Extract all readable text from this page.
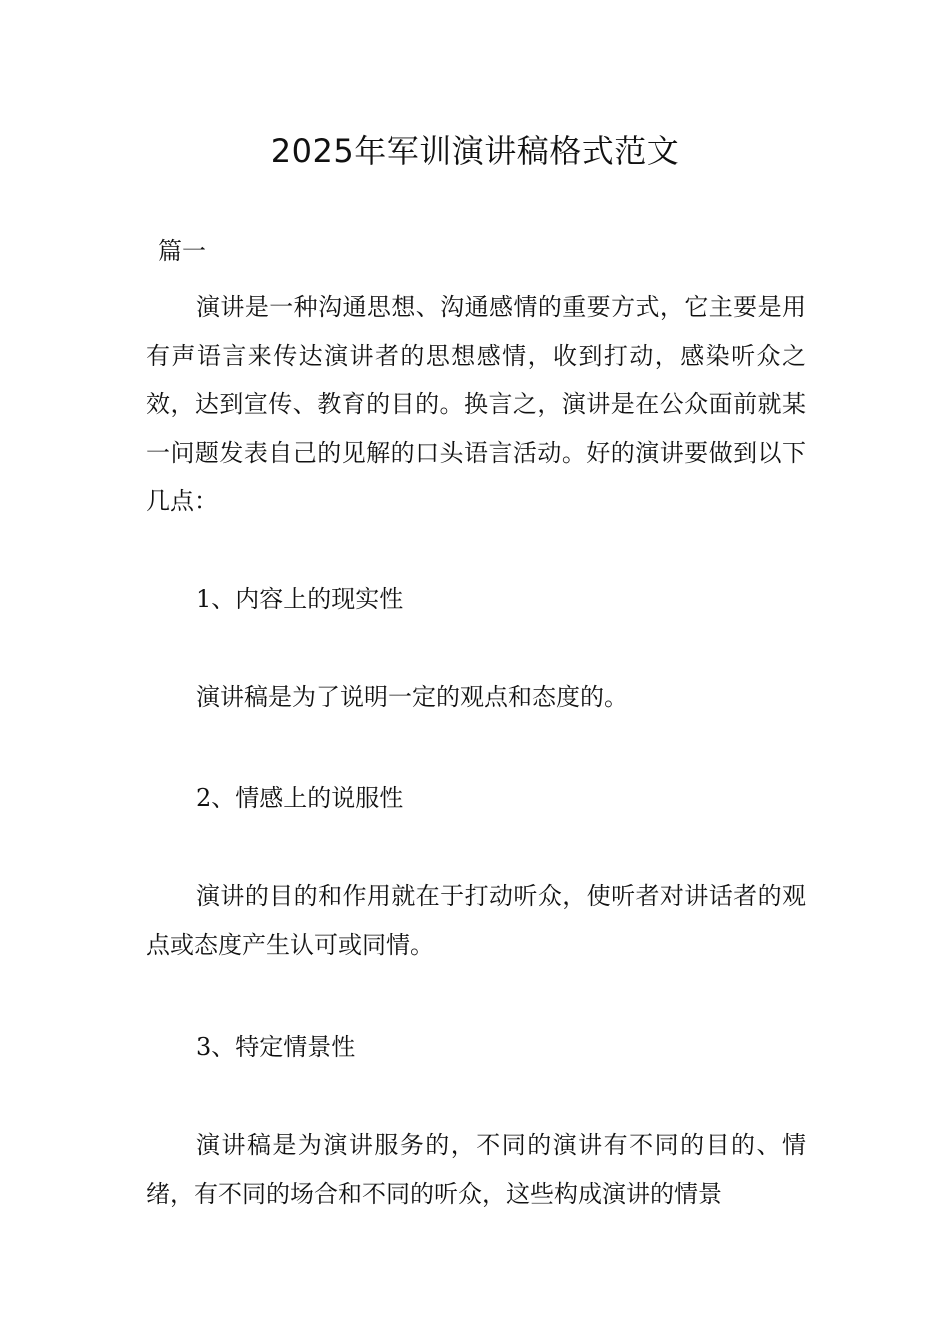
2025年军训演讲稿格式范文
篇一

演讲是一种沟通思想、沟通感情的重要方式，它主要是用有声语言来传达演讲者的思想感情，收到打动，感染听众之效，达到宣传、教育的目的。换言之，演讲是在公众面前就某一问题发表自己的见解的口头语言活动。好的演讲要做到以下几点：

1、内容上的现实性

演讲稿是为了说明一定的观点和态度的。

2、情感上的说服性

演讲的目的和作用就在于打动听众，使听者对讲话者的观点或态度产生认可或同情。

3、特定情景性

演讲稿是为演讲服务的，不同的演讲有不同的目的、情绪，有不同的场合和不同的听众，这些构成演讲的情景
